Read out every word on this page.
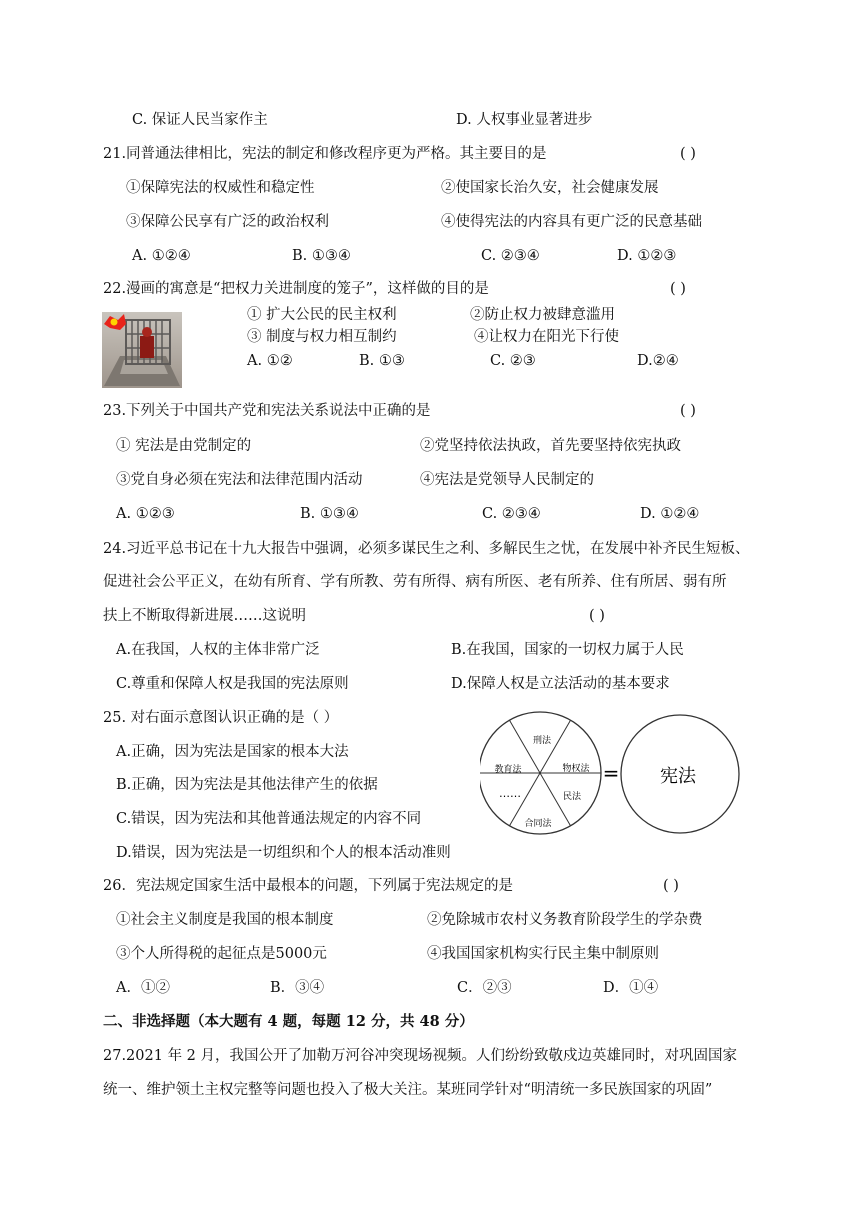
C. 保证人民当家作主	D. 人权事业显著进步
21.同普通法律相比，宪法的制定和修改程序更为严格。其主要目的是	( )
①保障宪法的权威性和稳定性	②使国家长治久安，社会健康发展
③保障公民享有广泛的政治权利	④使得宪法的内容具有更广泛的民意基础
A. ①②④	B. ①③④	C. ②③④	D. ①②③
22.漫画的寓意是“把权力关进制度的笼子”，这样做的目的是	( )
① 扩大公民的民主权利	②防止权力被肆意滥用
③ 制度与权力相互制约	④让权力在阳光下行使
A. ①②	B. ①③	C. ②③	D.②④
23.下列关于中国共产党和宪法关系说法中正确的是	( )
① 宪法是由党制定的	②党坚持依法执政，首先要坚持依宪执政
③党自身必须在宪法和法律范围内活动	④宪法是党领导人民制定的
A. ①②③	B. ①③④	C. ②③④	D. ①②④
24.习近平总书记在十九大报告中强调，必须多谋民生之利、多解民生之忧，在发展中补齐民生短板、
促进社会公平正义，在幼有所育、学有所教、劳有所得、病有所医、老有所养、住有所居、弱有所
扶上不断取得新进展……这说明	( )
A.在我国，人权的主体非常广泛	B.在我国，国家的一切权力属于人民
C.尊重和保障人权是我国的宪法原则	D.保障人权是立法活动的基本要求
25. 对右面示意图认识正确的是（ ）
A.正确，因为宪法是国家的根本大法
B.正确，因为宪法是其他法律产生的依据
C.错误，因为宪法和其他普通法规定的内容不同
D.错误，因为宪法是一切组织和个人的根本活动准则
刑法
物权法
民法
合同法
……
教育法	= 宪法
26．宪法规定国家生活中最根本的问题，下列属于宪法规定的是	( )
①社会主义制度是我国的根本制度	②免除城市农村义务教育阶段学生的学杂费
③个人所得税的起征点是5000元	④我国国家机构实行民主集中制原则
A．①②	B．③④	C．②③	D．①④
二、非选择题（本大题有 4 题，每题 12 分，共 48 分）
27.2021 年 2 月，我国公开了加勒万河谷冲突现场视频。人们纷纷致敬戍边英雄同时，对巩固国家
统一、维护领土主权完整等问题也投入了极大关注。某班同学针对“明清统一多民族国家的巩固”
